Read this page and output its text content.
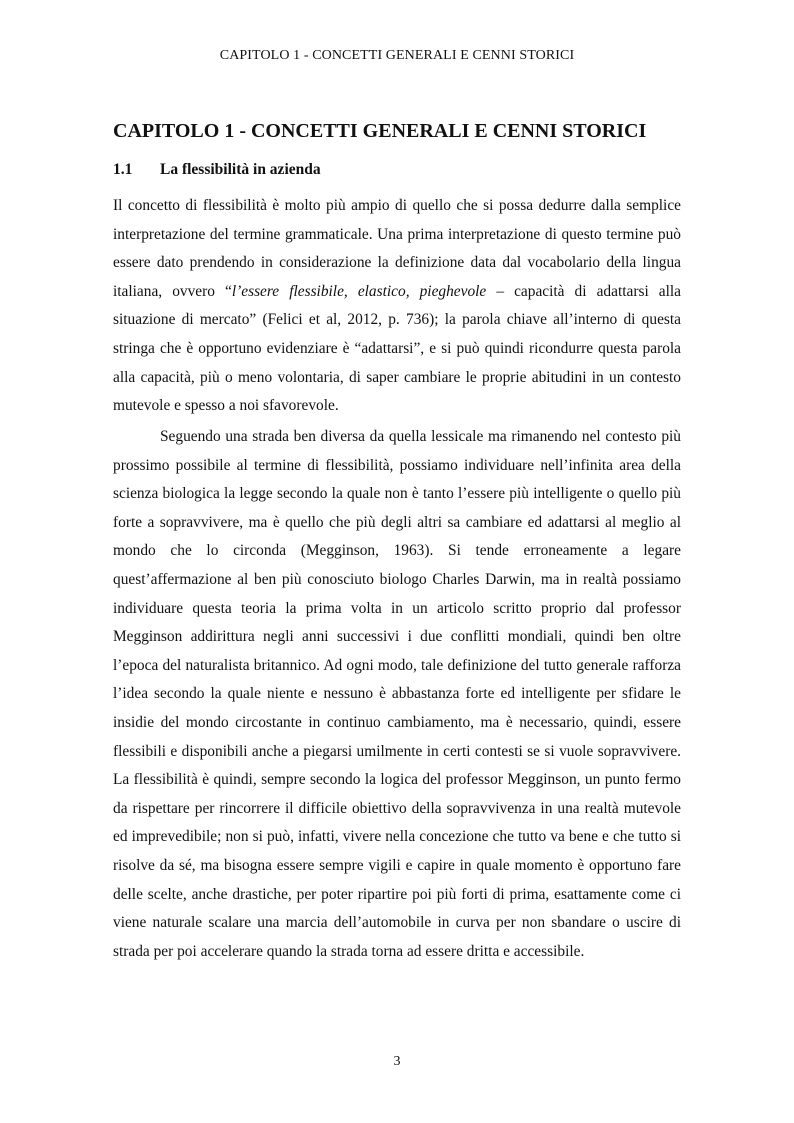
CAPITOLO 1 - CONCETTI GENERALI E CENNI STORICI
CAPITOLO 1 - CONCETTI GENERALI E CENNI STORICI
1.1 La flessibilità in azienda

Il concetto di flessibilità è molto più ampio di quello che si possa dedurre dalla semplice interpretazione del termine grammaticale. Una prima interpretazione di questo termine può essere dato prendendo in considerazione la definizione data dal vocabolario della lingua italiana, ovvero “l’essere flessibile, elastico, pieghevole – capacità di adattarsi alla situazione di mercato” (Felici et al, 2012, p. 736); la parola chiave all’interno di questa stringa che è opportuno evidenziare è “adattarsi”, e si può quindi ricondurre questa parola alla capacità, più o meno volontaria, di saper cambiare le proprie abitudini in un contesto mutevole e spesso a noi sfavorevole.

Seguendo una strada ben diversa da quella lessicale ma rimanendo nel contesto più prossimo possibile al termine di flessibilità, possiamo individuare nell’infinita area della scienza biologica la legge secondo la quale non è tanto l’essere più intelligente o quello più forte a sopravvivere, ma è quello che più degli altri sa cambiare ed adattarsi al meglio al mondo che lo circonda (Megginson, 1963). Si tende erroneamente a legare quest’affermazione al ben più conosciuto biologo Charles Darwin, ma in realtà possiamo individuare questa teoria la prima volta in un articolo scritto proprio dal professor Megginson addirittura negli anni successivi i due conflitti mondiali, quindi ben oltre l’epoca del naturalista britannico. Ad ogni modo, tale definizione del tutto generale rafforza l’idea secondo la quale niente e nessuno è abbastanza forte ed intelligente per sfidare le insidie del mondo circostante in continuo cambiamento, ma è necessario, quindi, essere flessibili e disponibili anche a piegarsi umilmente in certi contesti se si vuole sopravvivere. La flessibilità è quindi, sempre secondo la logica del professor Megginson, un punto fermo da rispettare per rincorrere il difficile obiettivo della sopravvivenza in una realtà mutevole ed imprevedibile; non si può, infatti, vivere nella concezione che tutto va bene e che tutto si risolve da sé, ma bisogna essere sempre vigili e capire in quale momento è opportuno fare delle scelte, anche drastiche, per poter ripartire poi più forti di prima, esattamente come ci viene naturale scalare una marcia dell’automobile in curva per non sbandare o uscire di strada per poi accelerare quando la strada torna ad essere dritta e accessibile.

3
